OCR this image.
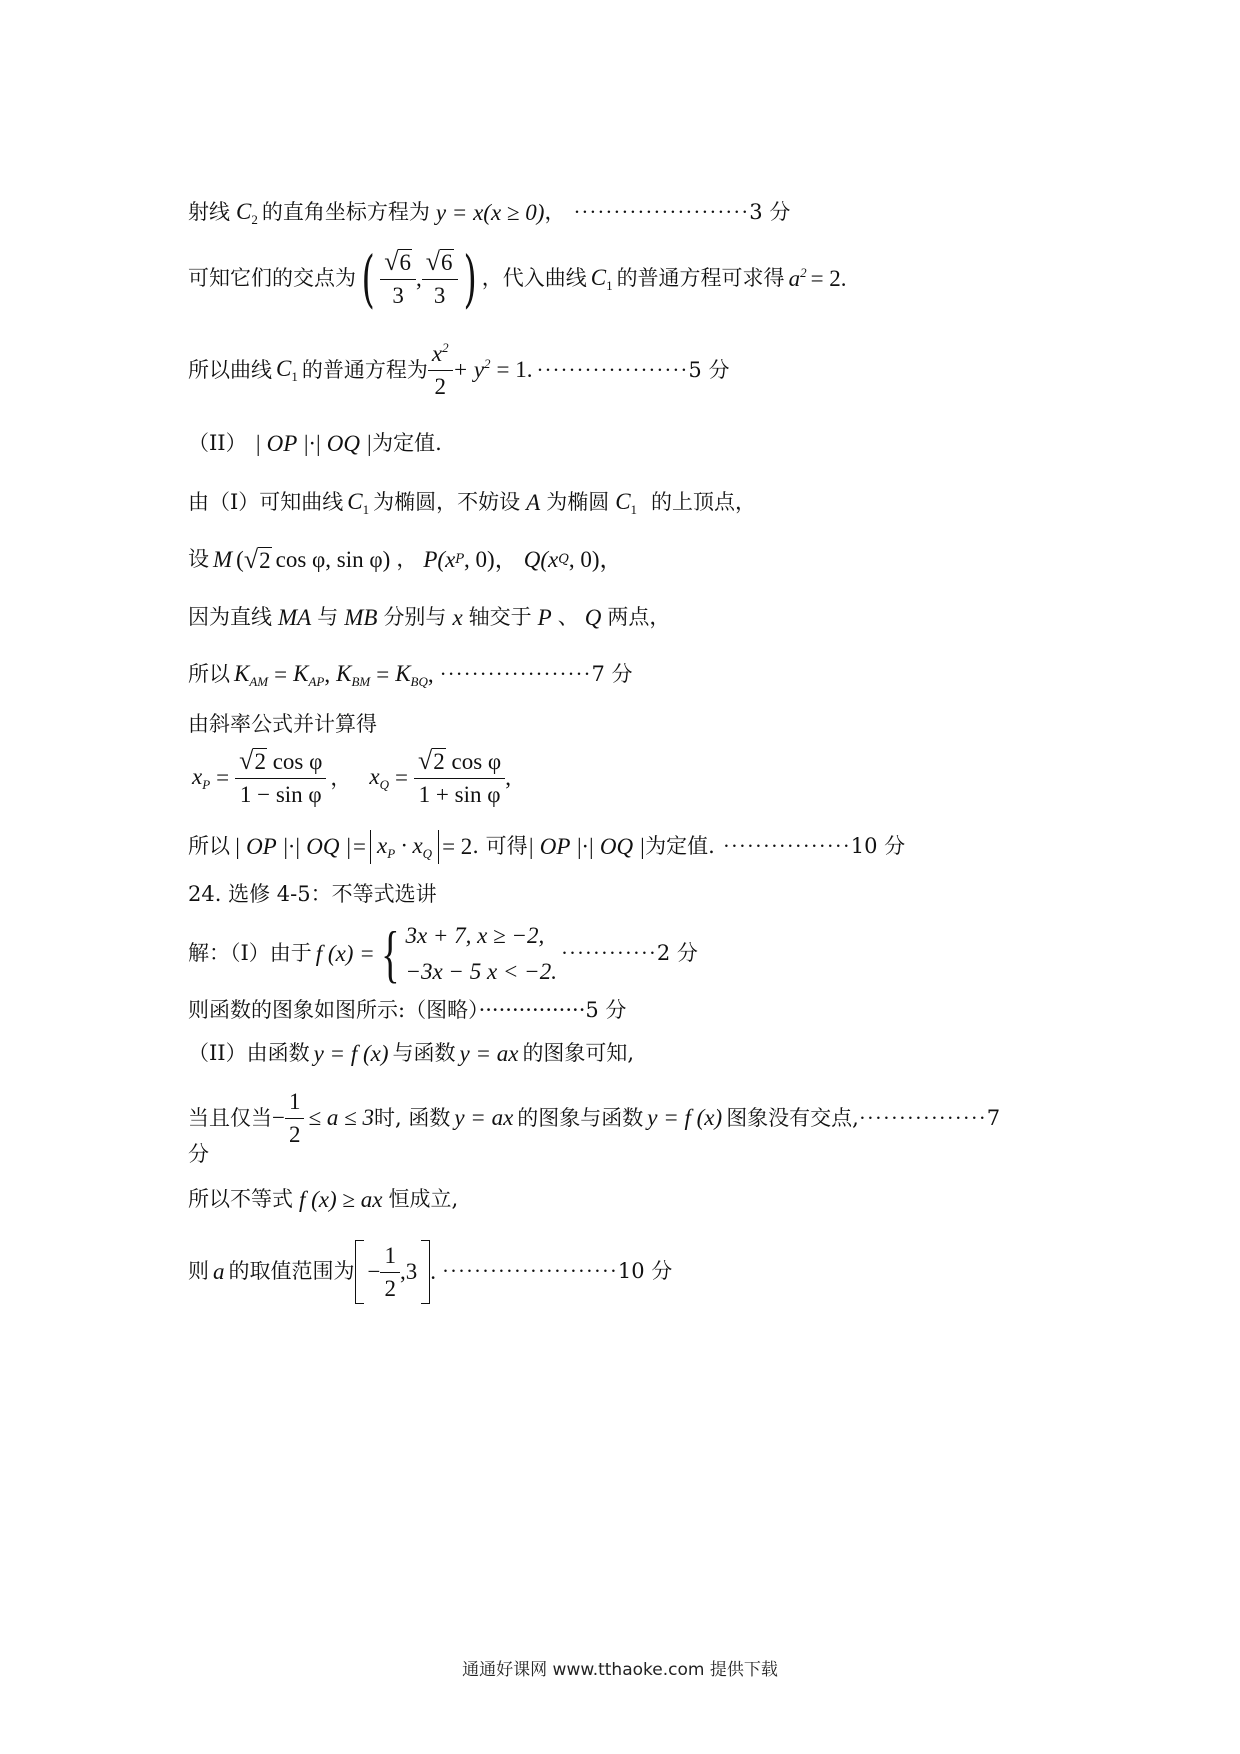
射线 $C_2$ 的直角坐标方程为 y = x(x ≥ 0) ， ······················ 3 分
可知它们的交点为 ( $\frac{√ 6}{3}$ , $\frac{√ 6}{3}$ ) ，代入曲线 $C_1$ 的普通方程可求得 $a^2 = 2$.
所以曲线 $C_1$ 的普通方程为 $\frac{x^2}{2} + y^2 = 1$. ··················· 5 分
（II） | OP |·| OQ | 为定值.
由（I）可知曲线 $C_1$ 为椭圆，不妨设 A 为椭圆 $C_1$ 的上顶点，
设 M ( √ 2 cos φ, sin φ) ， P (x P , 0)， Q (x Q , 0)，
因为直线 MA 与 MB 分别与 x 轴交于 P 、 Q 两点，
所以 $K_{AM} = K_{AP}$ , $K_{BM} = K_{BQ}$ , ··················· 7 分
由斜率公式并计算得
$x_P = \frac{\text{√ 2 cos φ}}{\text{1 − sin φ}}$ ， $x_Q = \frac{\text{√ 2 cos φ}}{\text{1 + sin φ}}$ ,
所以 | OP |·| OQ |= $x_P \cdot x_Q = 2$ . 可得 | OP |·| OQ | 为定值. ················ 10 分
24. 选修 4-5：不等式选讲
解：（I）由于 f (x) = { 3x + 7, x ≥ −2,
−3x − 5 x < −2.
············ 2 分
则函数的图象如图所示:（图略）················5 分
（II）由函数 y = f (x) 与函数 y = ax 的图象可知,
当且仅当 − $\frac{1}{2} \le a \le 3$ 时, 函数 y = ax 的图象与函数 y = f (x) 图象没有交点, ················ 7
分
所以不等式 f (x) ≥ ax 恒成立,
则 a 的取值范围为 − $\frac{1}{2} ,3$ . ······················ 10 分
通通好课网 www.tthaoke.com 提供下载
